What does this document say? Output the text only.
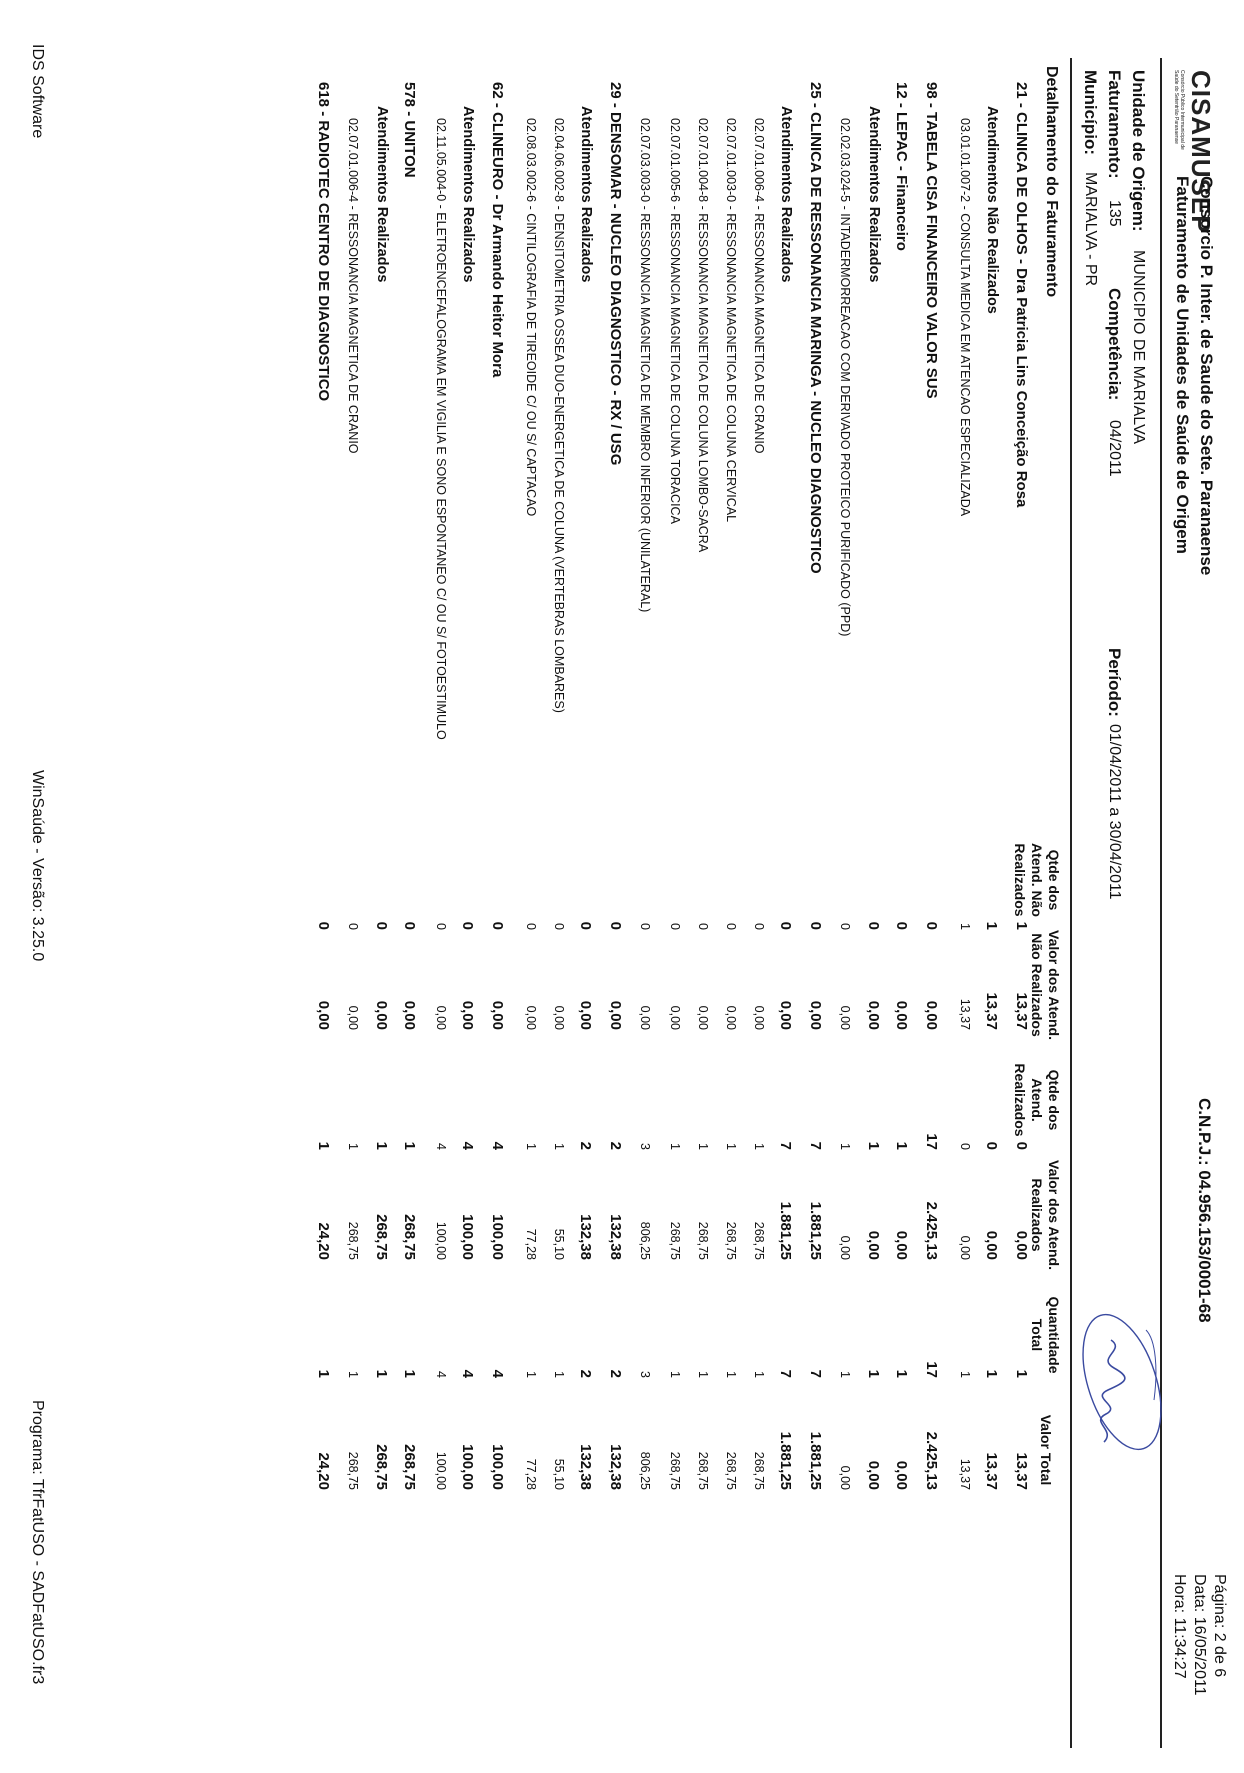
CISAMUSEP
Consórcio Público Intermunicipal de Saúde do Setentrião Paranaense
Consorcio P. Inter. de Saude do Sete. Paranaense
Faturamento de Unidades de Saúde de Origem
C.N.P.J.: 04.956.153/0001-68
Página: 2 de 6
Data: 16/05/2011
Hora: 11:34:27
Unidade de Origem:
MUNICIPIO DE MARIALVA
Faturamento:
135
Competência:
04/2011
Período:
01/04/2011 a 30/04/2011
Município:
MARIALVA - PR
Detalhamento do Faturamento
Qtde dos Atend. Não Realizados
Valor dos Atend. Não Realizados
Qtde dos Atend. Realizados
Valor dos Atend. Realizados
Quantidade Total
Valor Total
21 - CLINICA DE OLHOS - Dra Patricia Lins Conceição Rosa
1
13,37
0
0,00
1
13,37
Atendimentos Não Realizados
1
13,37
0
0,00
1
13,37
03.01.01.007-2 - CONSULTA MEDICA EM ATENCAO ESPECIALIZADA
1
13,37
0
0,00
1
13,37
98 - TABELA CISA FINANCEIRO VALOR SUS
0
0,00
17
2.425,13
17
2.425,13
12 - LEPAC - Financeiro
0
0,00
1
0,00
1
0,00
Atendimentos Realizados
0
0,00
1
0,00
1
0,00
02.02.03.024-5 - INTADERMORREACAO COM DERIVADO PROTEICO PURIFICADO (PPD)
0
0,00
1
0,00
1
0,00
25 - CLINICA DE RESSONANCIA MARINGA - NUCLEO DIAGNOSTICO
0
0,00
7
1.881,25
7
1.881,25
Atendimentos Realizados
0
0,00
7
1.881,25
7
1.881,25
02.07.01.006-4 - RESSONANCIA MAGNETICA DE CRANIO
0
0,00
1
268,75
1
268,75
02.07.01.003-0 - RESSONANCIA MAGNETICA DE COLUNA CERVICAL
0
0,00
1
268,75
1
268,75
02.07.01.004-8 - RESSONANCIA MAGNETICA DE COLUNA LOMBO-SACRA
0
0,00
1
268,75
1
268,75
02.07.01.005-6 - RESSONANCIA MAGNETICA DE COLUNA TORACICA
0
0,00
1
268,75
1
268,75
02.07.03.003-0 - RESSONANCIA MAGNETICA DE MEMBRO INFERIOR (UNILATERAL)
0
0,00
3
806,25
3
806,25
29 - DENSOMAR - NUCLEO DIAGNOSTICO - RX / USG
0
0,00
2
132,38
2
132,38
Atendimentos Realizados
0
0,00
2
132,38
2
132,38
02.04.06.002-8 - DENSITOMETRIA OSSEA DUO-ENERGETICA DE COLUNA (VERTEBRAS LOMBARES)
0
0,00
1
55,10
1
55,10
02.08.03.002-6 - CINTILOGRAFIA DE TIREOIDE C/ OU S/ CAPTACAO
0
0,00
1
77,28
1
77,28
62 - CLINEURO - Dr Armando Heitor Mora
0
0,00
4
100,00
4
100,00
Atendimentos Realizados
0
0,00
4
100,00
4
100,00
02.11.05.004-0 - ELETROENCEFALOGRAMA EM VIGILIA E SONO ESPONTANEO C/ OU S/ FOTOESTIMULO
0
0,00
4
100,00
4
100,00
578 - UNITON
0
0,00
1
268,75
1
268,75
Atendimentos Realizados
0
0,00
1
268,75
1
268,75
02.07.01.006-4 - RESSONANCIA MAGNETICA DE CRANIO
0
0,00
1
268,75
1
268,75
618 - RADIOTEC CENTRO DE DIAGNOSTICO
0
0,00
1
24,20
1
24,20
IDS Software
WinSaúde - Versão: 3.25.0
Programa: TfrFatUSO - SADFatUSO.fr3
